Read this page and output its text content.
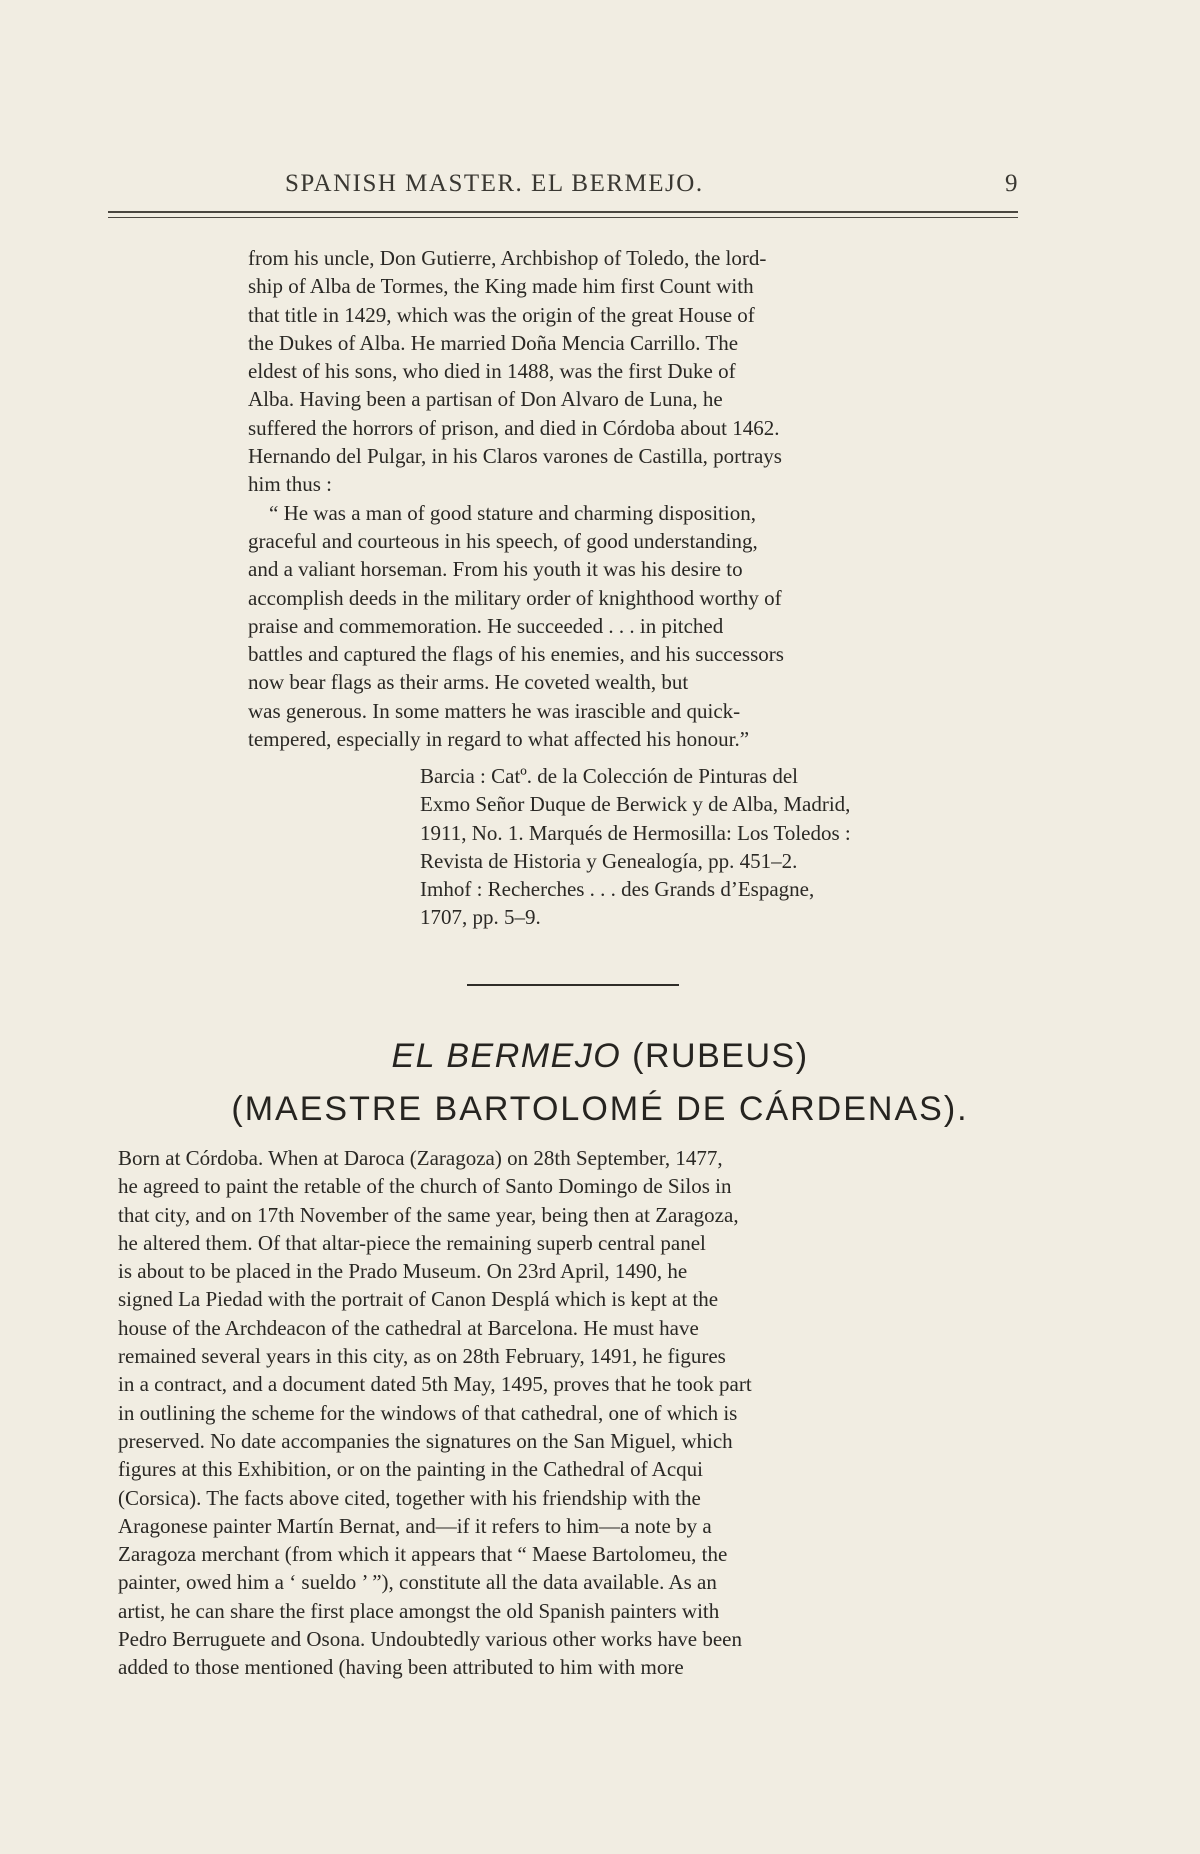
SPANISH MASTER. EL BERMEJO.	9
from his uncle, Don Gutierre, Archbishop of Toledo, the lord-
ship of Alba de Tormes, the King made him first Count with
that title in 1429, which was the origin of the great House of
the Dukes of Alba. He married Doña Mencia Carrillo. The
eldest of his sons, who died in 1488, was the first Duke of
Alba. Having been a partisan of Don Alvaro de Luna, he
suffered the horrors of prison, and died in Córdoba about 1462.
Hernando del Pulgar, in his Claros varones de Castilla, portrays
him thus :
“ He was a man of good stature and charming disposition,
graceful and courteous in his speech, of good understanding,
and a valiant horseman. From his youth it was his desire to
accomplish deeds in the military order of knighthood worthy of
praise and commemoration. He succeeded . . . in pitched
battles and captured the flags of his enemies, and his successors
now bear flags as their arms. He coveted wealth, but
was generous. In some matters he was irascible and quick-
tempered, especially in regard to what affected his honour.”
Barcia : Catº. de la Colección de Pinturas del
Exmo Señor Duque de Berwick y de Alba, Madrid,
1911, No. 1. Marqués de Hermosilla: Los Toledos :
Revista de Historia y Genealogía, pp. 451–2.
Imhof : Recherches . . . des Grands d’Espagne,
1707, pp. 5–9.
EL BERMEJO (RUBEUS)
(MAESTRE BARTOLOMÉ DE CÁRDENAS).
Born at Córdoba. When at Daroca (Zaragoza) on 28th September, 1477,
he agreed to paint the retable of the church of Santo Domingo de Silos in
that city, and on 17th November of the same year, being then at Zaragoza,
he altered them. Of that altar-piece the remaining superb central panel
is about to be placed in the Prado Museum. On 23rd April, 1490, he
signed La Piedad with the portrait of Canon Desplá which is kept at the
house of the Archdeacon of the cathedral at Barcelona. He must have
remained several years in this city, as on 28th February, 1491, he figures
in a contract, and a document dated 5th May, 1495, proves that he took part
in outlining the scheme for the windows of that cathedral, one of which is
preserved. No date accompanies the signatures on the San Miguel, which
figures at this Exhibition, or on the painting in the Cathedral of Acqui
(Corsica). The facts above cited, together with his friendship with the
Aragonese painter Martín Bernat, and—if it refers to him—a note by a
Zaragoza merchant (from which it appears that “ Maese Bartolomeu, the
painter, owed him a ‘ sueldo ’ ”), constitute all the data available. As an
artist, he can share the first place amongst the old Spanish painters with
Pedro Berruguete and Osona. Undoubtedly various other works have been
added to those mentioned (having been attributed to him with more
